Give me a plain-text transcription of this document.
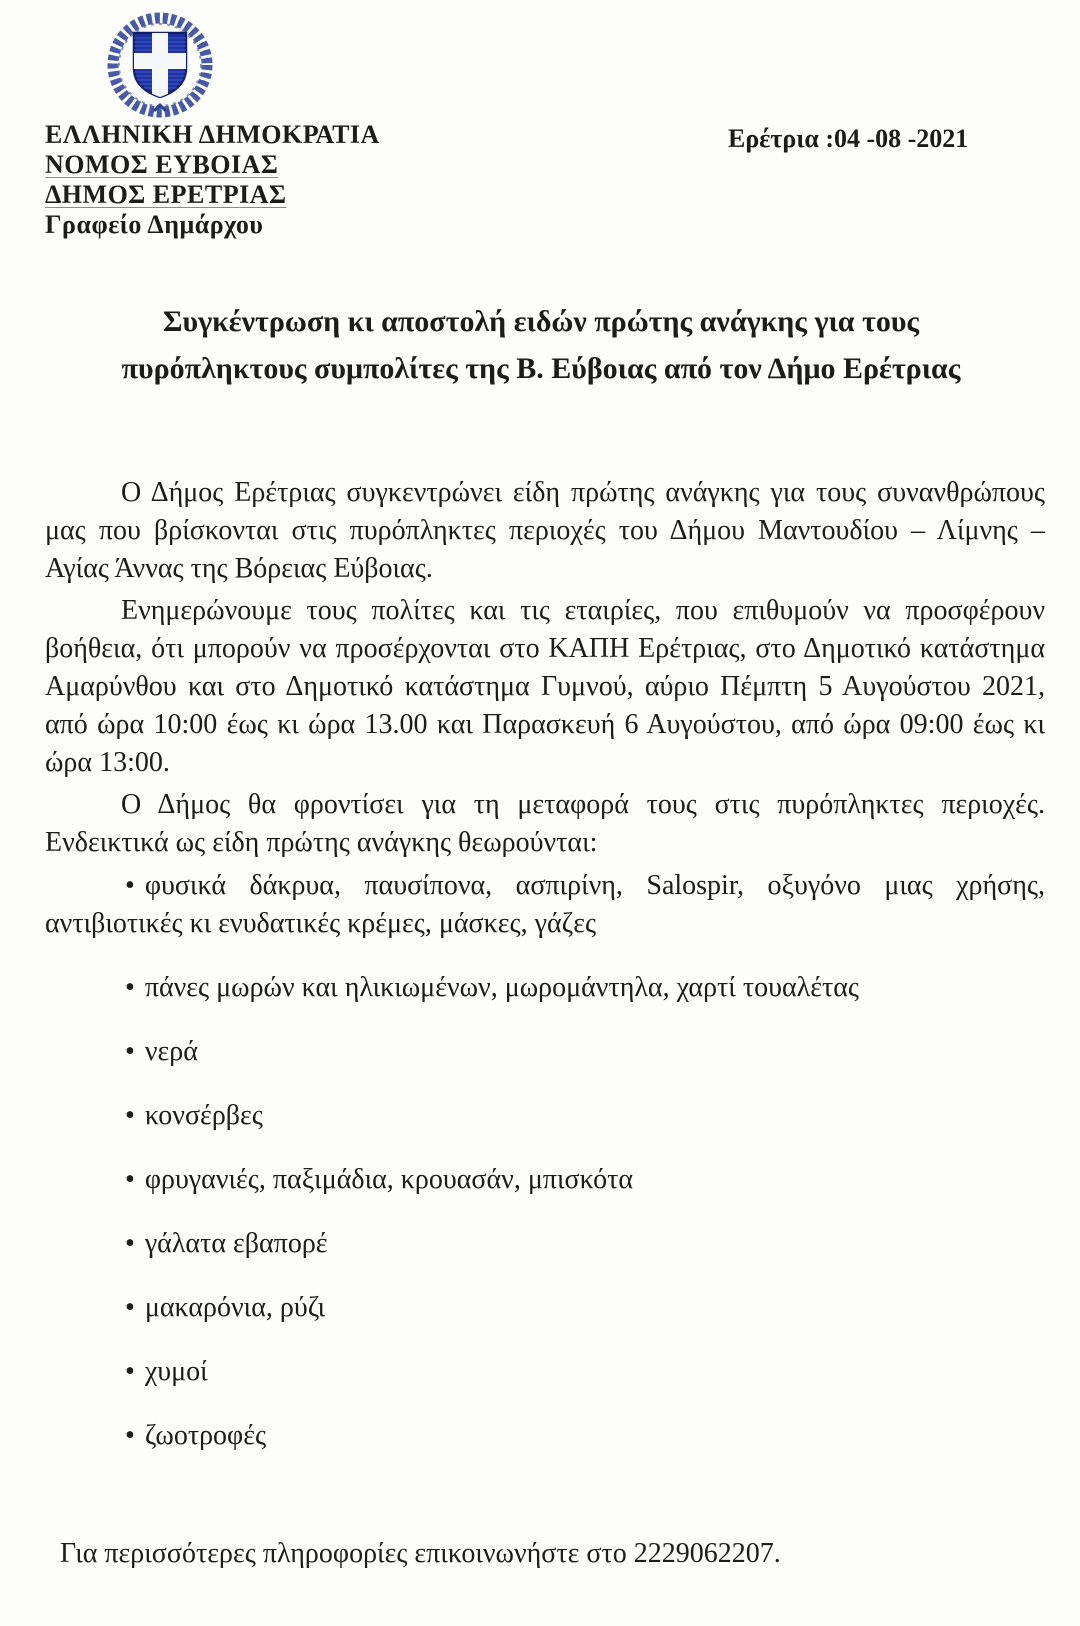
ΕΛΛΗΝΙΚΗ ΔΗΜΟΚΡΑΤΙΑ
ΝΟΜΟΣ ΕΥΒΟΙΑΣ
ΔΗΜΟΣ ΕΡΕΤΡΙΑΣ
Γραφείο Δημάρχου
Ερέτρια :04 -08 -2021
Συγκέντρωση κι αποστολή ειδών πρώτης ανάγκης για τους
πυρόπληκτους συμπολίτες της Β. Εύβοιας από τον Δήμο Ερέτριας

Ο Δήμος Ερέτριας συγκεντρώνει είδη πρώτης ανάγκης για τους συνανθρώπους μας που βρίσκονται στις πυρόπληκτες περιοχές του Δήμου Μαντουδίου – Λίμνης – Αγίας Άννας της Βόρειας Εύβοιας.

Ενημερώνουμε τους πολίτες και τις εταιρίες, που επιθυμούν να προσφέρουν βοήθεια, ότι μπορούν να προσέρχονται στο ΚΑΠΗ Ερέτριας, στο Δημοτικό κατάστημα Αμαρύνθου και στο Δημοτικό κατάστημα Γυμνού, αύριο Πέμπτη 5 Αυγούστου 2021, από ώρα 10:00 έως κι ώρα 13.00 και Παρασκευή 6 Αυγούστου, από ώρα 09:00 έως κι ώρα 13:00.

Ο Δήμος θα φροντίσει για τη μεταφορά τους στις πυρόπληκτες περιοχές. Ενδεικτικά ως είδη πρώτης ανάγκης θεωρούνται:

• φυσικά δάκρυα, παυσίπονα, ασπιρίνη, Salospir, οξυγόνο μιας χρήσης, αντιβιοτικές κι ενυδατικές κρέμες, μάσκες, γάζες
• πάνες μωρών και ηλικιωμένων, μωρομάντηλα, χαρτί τουαλέτας
• νερά
• κονσέρβες
• φρυγανιές, παξιμάδια, κρουασάν, μπισκότα
• γάλατα εβαπορέ
• μακαρόνια, ρύζι
• χυμοί
• ζωοτροφές
Για περισσότερες πληροφορίες επικοινωνήστε στο 2229062207.
